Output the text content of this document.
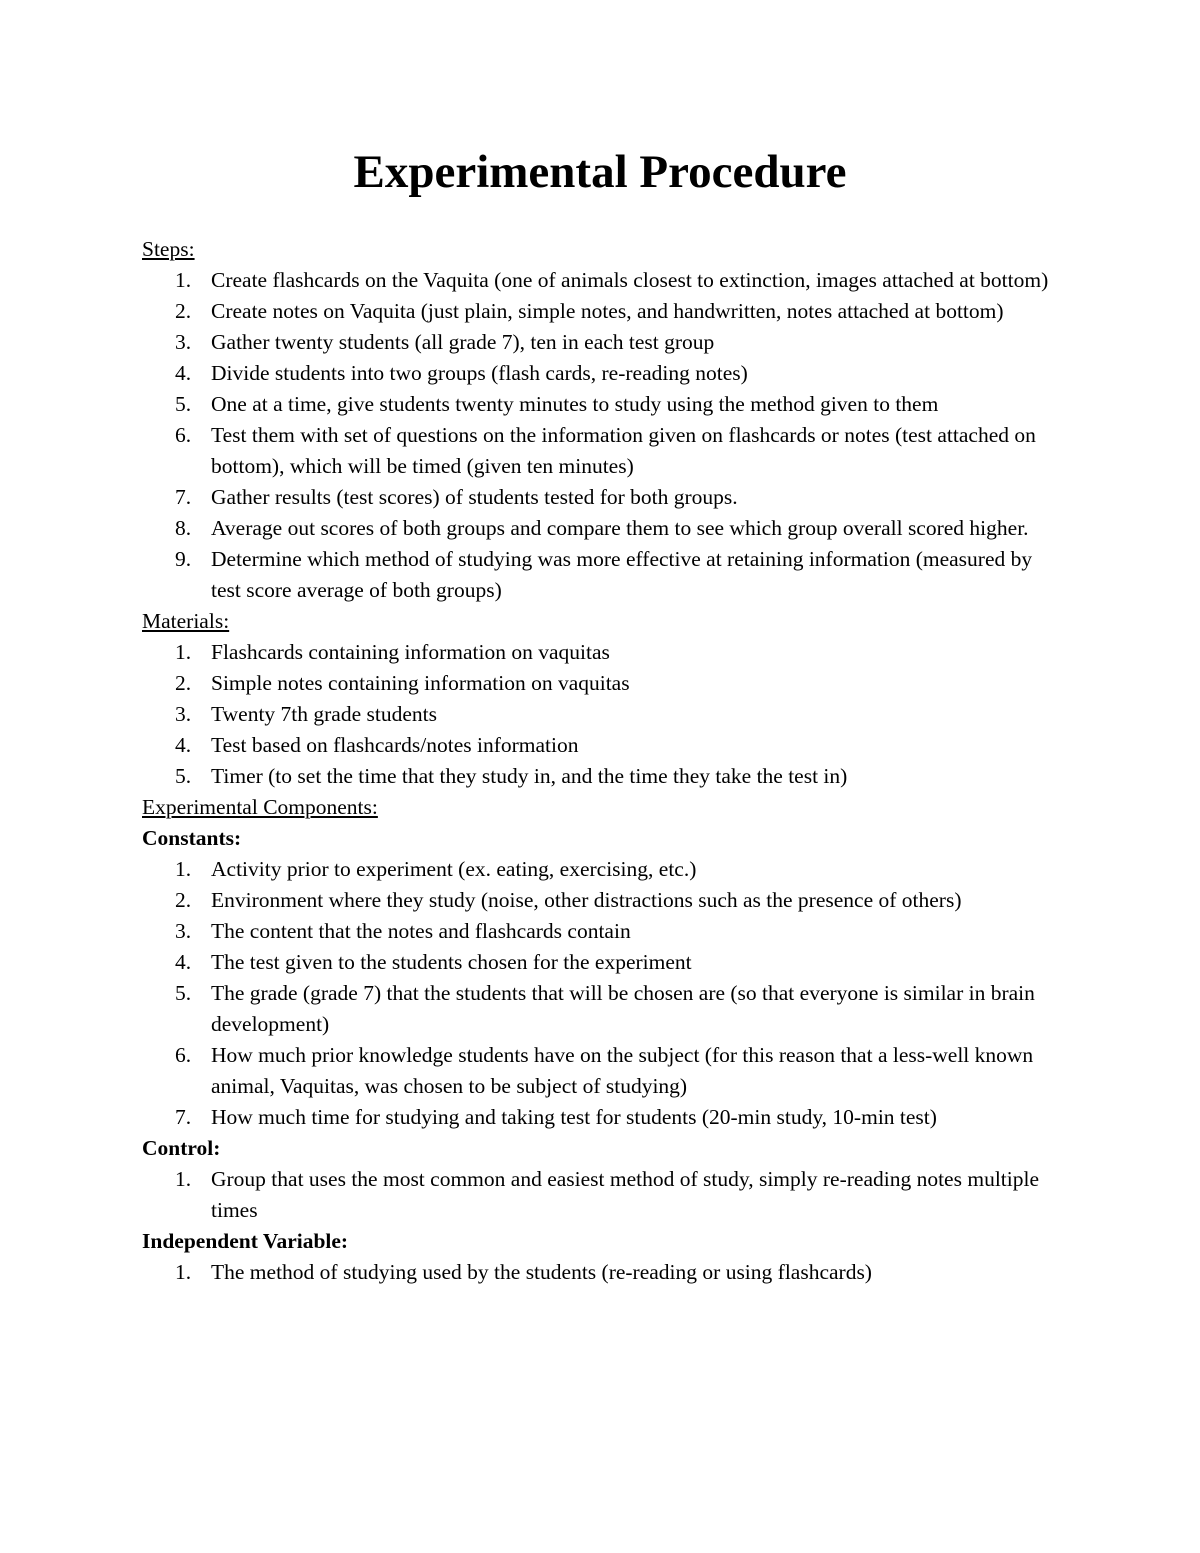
Experimental Procedure

Steps:

1. Create flashcards on the Vaquita (one of animals closest to extinction, images attached at bottom)
2. Create notes on Vaquita (just plain, simple notes, and handwritten, notes attached at bottom)
3. Gather twenty students (all grade 7), ten in each test group
4. Divide students into two groups (flash cards, re-reading notes)
5. One at a time, give students twenty minutes to study using the method given to them
6. Test them with set of questions on the information given on flashcards or notes (test attached on bottom), which will be timed (given ten minutes)
7. Gather results (test scores) of students tested for both groups.
8. Average out scores of both groups and compare them to see which group overall scored higher.
9. Determine which method of studying was more effective at retaining information (measured by test score average of both groups)

Materials:

1. Flashcards containing information on vaquitas
2. Simple notes containing information on vaquitas
3. Twenty 7th grade students
4. Test based on flashcards/notes information
5. Timer (to set the time that they study in, and the time they take the test in)

Experimental Components:

Constants:

1. Activity prior to experiment (ex. eating, exercising, etc.)
2. Environment where they study (noise, other distractions such as the presence of others)
3. The content that the notes and flashcards contain
4. The test given to the students chosen for the experiment
5. The grade (grade 7) that the students that will be chosen are (so that everyone is similar in brain development)
6. How much prior knowledge students have on the subject (for this reason that a less-well known animal, Vaquitas, was chosen to be subject of studying)
7. How much time for studying and taking test for students (20-min study, 10-min test)

Control:

1. Group that uses the most common and easiest method of study, simply re-reading notes multiple times

Independent Variable:

1. The method of studying used by the students (re-reading or using flashcards)
